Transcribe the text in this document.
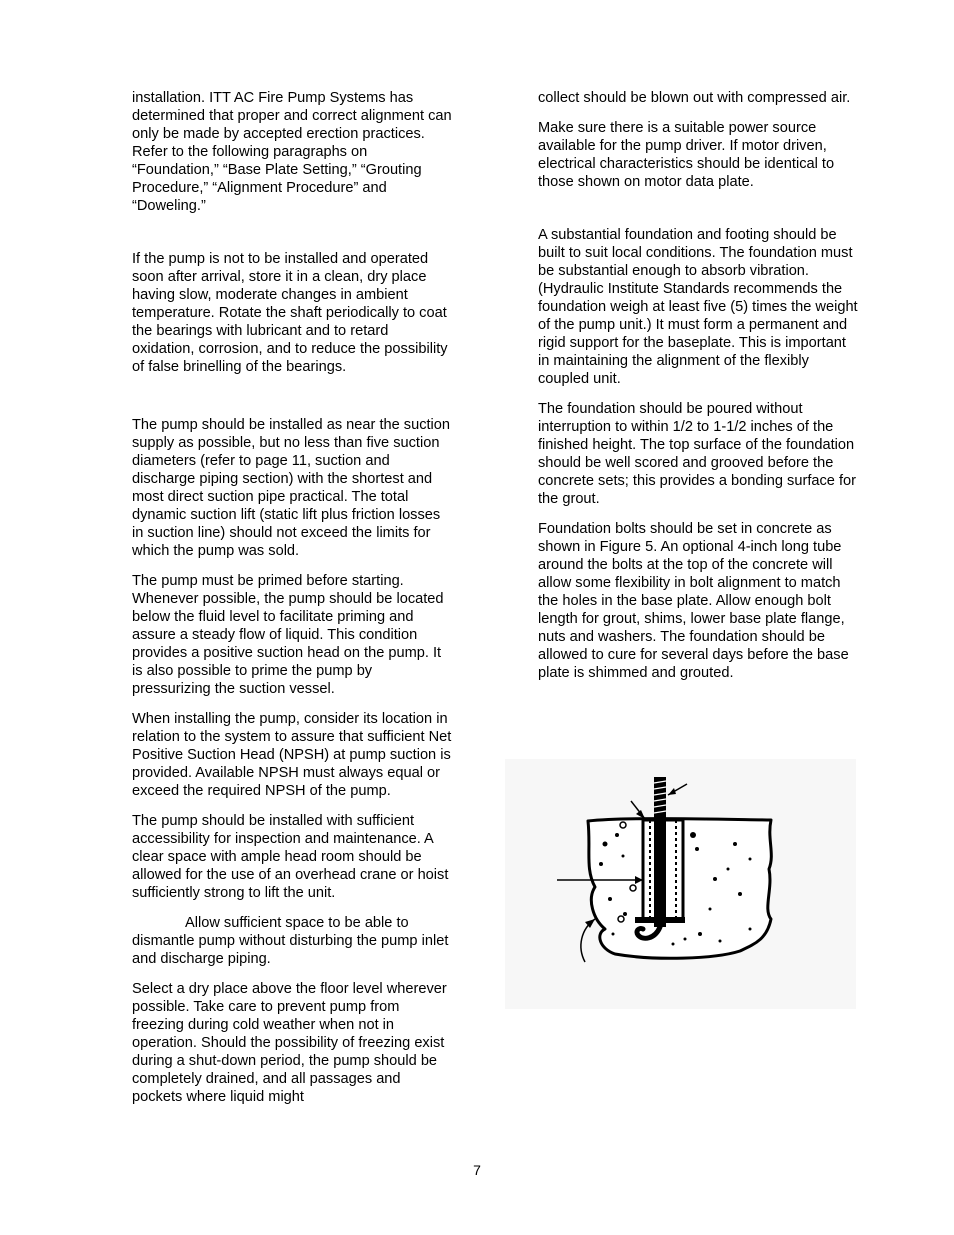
installation. ITT AC Fire Pump Systems has determined that proper and correct alignment can only be made by accepted erection practices. Refer to the following paragraphs on “Foundation,” “Base Plate Setting,” “Grouting Procedure,” “Alignment Procedure” and “Doweling.”

If the pump is not to be installed and operated soon after arrival, store it in a clean, dry place having slow, moderate changes in ambient temperature. Rotate the shaft periodically to coat the bearings with lubricant and to retard oxidation, corrosion, and to reduce the possibility of false brinelling of the bearings.

The pump should be installed as near the suction supply as possible, but no less than five suction diameters (refer to page 11, suction and discharge piping section) with the shortest and most direct suction pipe practical. The total dynamic suction lift (static lift plus friction losses in suction line) should not exceed the limits for which the pump was sold.

The pump must be primed before starting. Whenever possible, the pump should be located below the fluid level to facilitate priming and assure a steady flow of liquid. This condition provides a positive suction head on the pump. It is also possible to prime the pump by pressurizing the suction vessel.

When installing the pump, consider its location in relation to the system to assure that sufficient Net Positive Suction Head (NPSH) at pump suction is provided. Available NPSH must always equal or exceed the required NPSH of the pump.

The pump should be installed with sufficient accessibility for inspection and maintenance. A clear space with ample head room should be allowed for the use of an overhead crane or hoist sufficiently strong to lift the unit.

Allow sufficient space to be able to dismantle pump without disturbing the pump inlet and discharge piping.

Select a dry place above the floor level wherever possible. Take care to prevent pump from freezing during cold weather when not in operation. Should the possibility of freezing exist during a shut-down period, the pump should be completely drained, and all passages and pockets where liquid might

collect should be blown out with compressed air.

Make sure there is a suitable power source available for the pump driver. If motor driven, electrical characteristics should be identical to those shown on motor data plate.

A substantial foundation and footing should be built to suit local conditions. The foundation must be substantial enough to absorb vibration. (Hydraulic Institute Standards recommends the foundation weigh at least five (5) times the weight of the pump unit.) It must form a permanent and rigid support for the baseplate. This is important in maintaining the alignment of the flexibly coupled unit.

The foundation should be poured without interruption to within 1/2 to 1-1/2 inches of the finished height. The top surface of the foundation should be well scored and grooved before the concrete sets; this provides a bonding surface for the grout.

Foundation bolts should be set in concrete as shown in Figure 5. An optional 4-inch long tube around the bolts at the top of the concrete will allow some flexibility in bolt alignment to match the holes in the base plate. Allow enough bolt length for grout, shims, lower base plate flange, nuts and washers. The foundation should be allowed to cure for several days before the base plate is shimmed and grouted.

7
